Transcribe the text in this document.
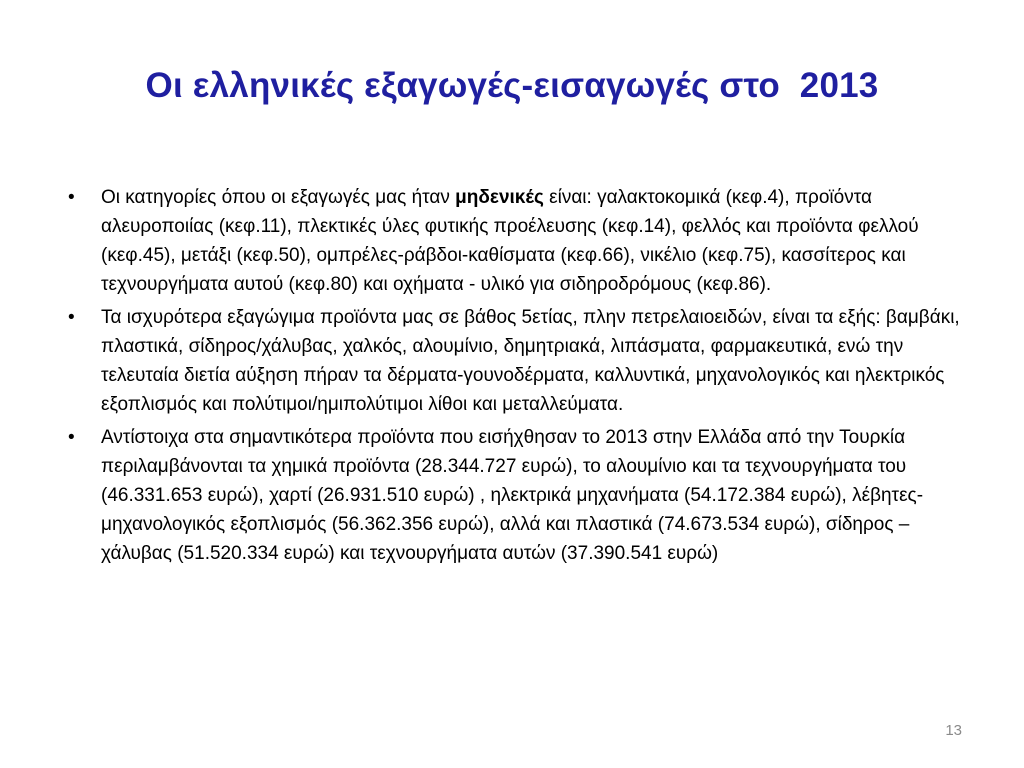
Οι ελληνικές εξαγωγές-εισαγωγές στο  2013
• Οι κατηγορίες όπου οι εξαγωγές μας ήταν μηδενικές είναι: γαλακτοκομικά (κεφ.4), προϊόντα αλευροποιίας (κεφ.11), πλεκτικές ύλες φυτικής προέλευσης (κεφ.14), φελλός και προϊόντα φελλού (κεφ.45), μετάξι (κεφ.50), ομπρέλες-ράβδοι-καθίσματα (κεφ.66), νικέλιο (κεφ.75), κασσίτερος και τεχνουργήματα αυτού (κεφ.80) και οχήματα - υλικό για σιδηροδρόμους (κεφ.86).
• Τα ισχυρότερα εξαγώγιμα προϊόντα μας σε βάθος 5ετίας, πλην πετρελαιοειδών, είναι τα εξής: βαμβάκι, πλαστικά, σίδηρος/χάλυβας, χαλκός, αλουμίνιο, δημητριακά, λιπάσματα, φαρμακευτικά, ενώ την τελευταία διετία αύξηση πήραν τα δέρματα-γουνοδέρματα, καλλυντικά, μηχανολογικός και ηλεκτρικός εξοπλισμός και πολύτιμοι/ημιπολύτιμοι λίθοι και μεταλλεύματα.
• Αντίστοιχα στα σημαντικότερα προϊόντα που εισήχθησαν το 2013 στην Ελλάδα από την Τουρκία περιλαμβάνονται τα χημικά προϊόντα (28.344.727 ευρώ), το αλουμίνιο και τα τεχνουργήματα του (46.331.653 ευρώ), χαρτί (26.931.510 ευρώ) , ηλεκτρικά μηχανήματα (54.172.384 ευρώ), λέβητες-μηχανολογικός εξοπλισμός (56.362.356 ευρώ), αλλά και πλαστικά (74.673.534 ευρώ), σίδηρος – χάλυβας (51.520.334 ευρώ) και τεχνουργήματα αυτών (37.390.541 ευρώ)
13
